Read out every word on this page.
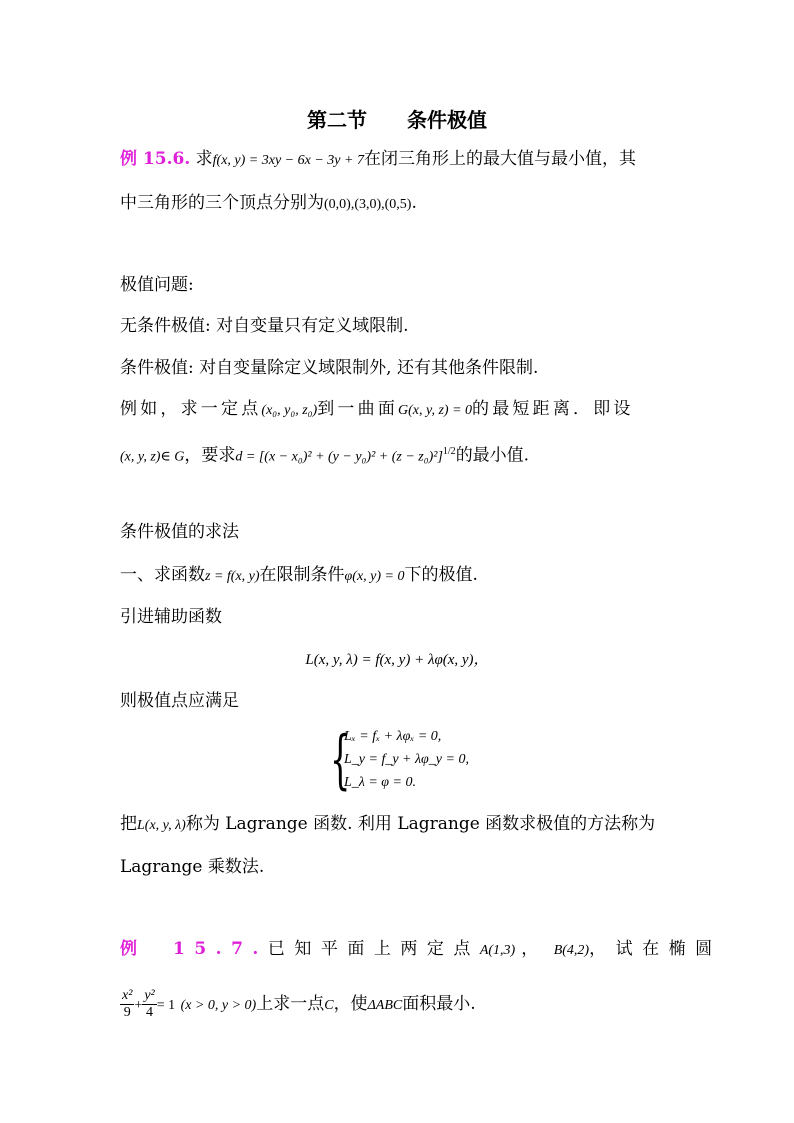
第二节　　条件极值
例 15.6. 求f(x, y) = 3xy − 6x − 3y + 7在闭三角形上的最大值与最小值，其
中三角形的三个顶点分别为(0,0),(3,0),(0,5).
极值问题:
无条件极值: 对自变量只有定义域限制.
条件极值: 对自变量除定义域限制外, 还有其他条件限制.
例如，求一定点(x₀, y₀, z₀)到一曲面G(x, y, z) = 0的最短距离．即设
(x, y, z)∈ G，要求$d = [(x - x_0)^2 + (y - y_0)^2 + (z - z_0)^2]^{1/2}$的最小值.
条件极值的求法
一、求函数z = f(x, y)在限制条件φ(x, y) = 0下的极值.
引进辅助函数
L(x, y, λ) = f(x, y) + λφ(x, y)，
则极值点应满足
{
Lₓ = fₓ + λφₓ = 0,
L_y = f_y + λφ_y = 0,
L_λ = φ = 0.
把L(x, y, λ)称为 Lagrange 函数. 利用 Lagrange 函数求极值的方法称为
Lagrange 乘数法.
例　15.7.已知平面上两定点A(1,3) ， B(4,2)，试在椭圆
$\frac{\text{x²}}{9} + \frac{\text{y²}}{4} = 1$ (x > 0, y > 0)上求一点C，使ΔABC面积最小.
